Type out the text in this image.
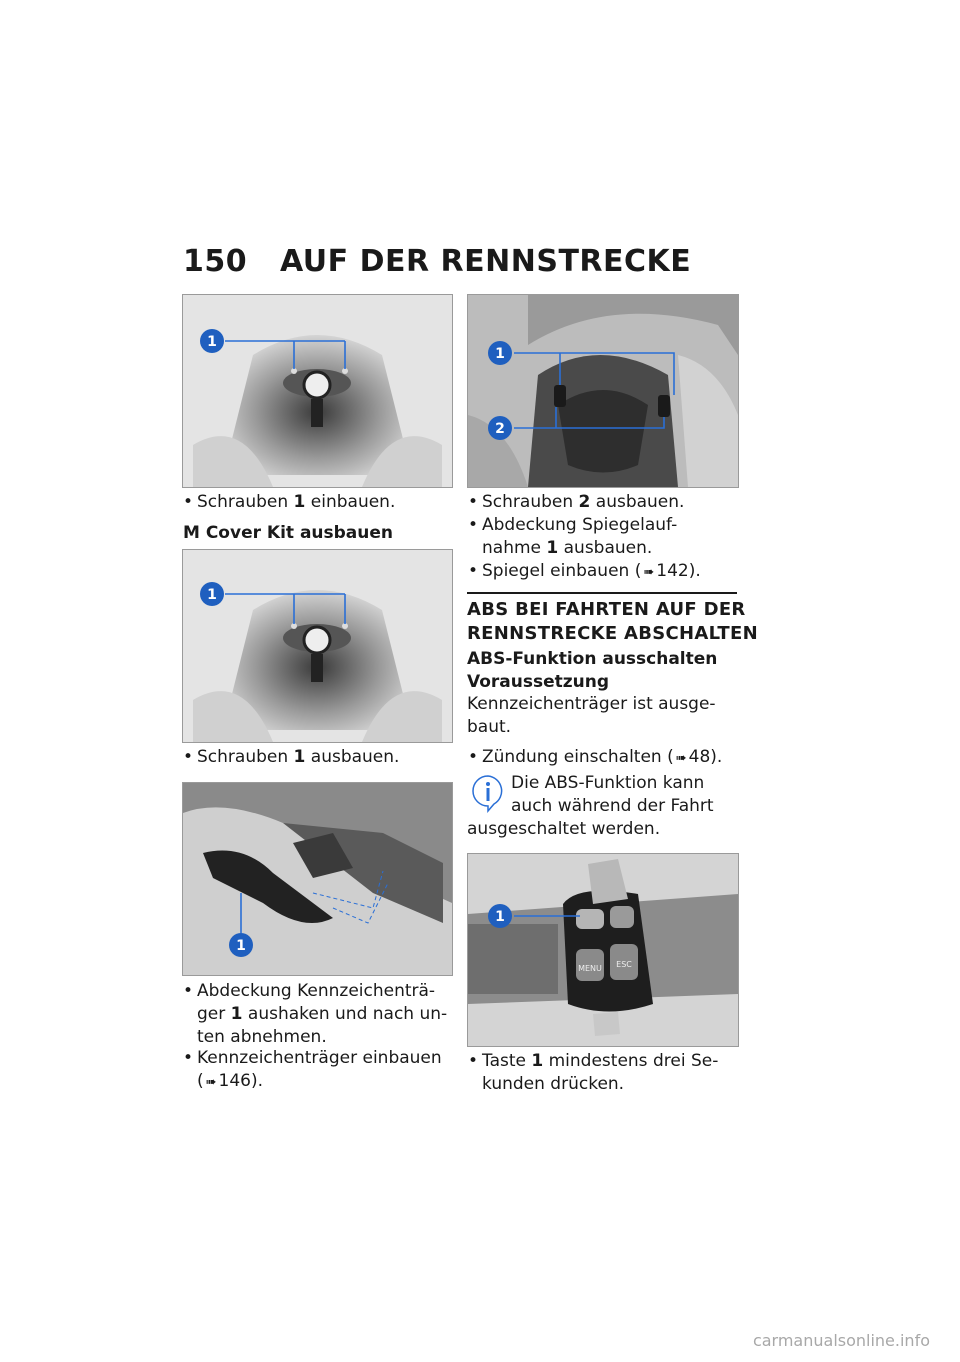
150 AUF DER RENNSTRECKE
1
• Schrauben 1 einbauen.
M Cover Kit ausbauen
1
• Schrauben 1 ausbauen.
1
• Abdeckung Kennzeichenträ-
ger 1 aushaken und nach un-
ten abnehmen.
• Kennzeichenträger einbauen
( ➠ 146).
1
2
• Schrauben 2 ausbauen.
• Abdeckung Spiegelauf-
nahme 1 ausbauen.
• Spiegel einbauen ( ➠ 142).
ABS BEI FAHRTEN AUF DER
RENNSTRECKE ABSCHALTEN
ABS-Funktion ausschalten
Voraussetzung
Kennzeichenträger ist ausge-
baut.
• Zündung einschalten ( ➠ 48).
Die ABS-Funktion kann
auch während der Fahrt
ausgeschaltet werden.
MENU ESC
1
• Taste 1 mindestens drei Se-
kunden drücken.
carmanualsonline.info
